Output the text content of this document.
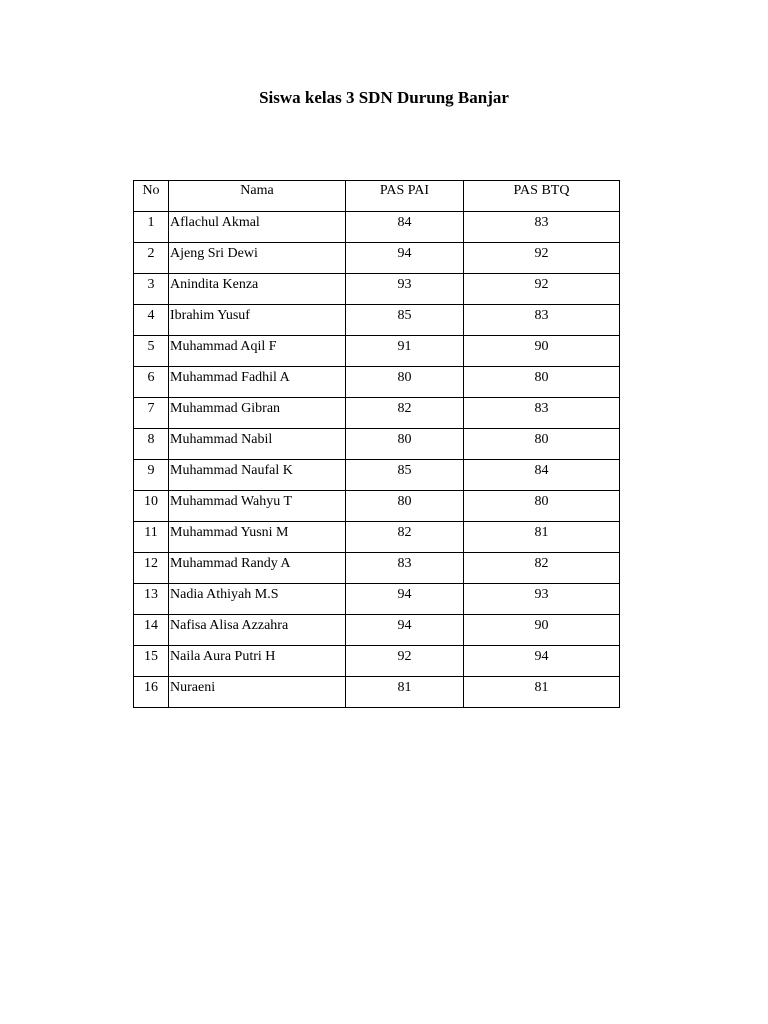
Siswa kelas 3 SDN Durung Banjar
No	Nama	PAS PAI	PAS BTQ
1	Aflachul Akmal	84	83
2	Ajeng Sri Dewi	94	92
3	Anindita Kenza	93	92
4	Ibrahim Yusuf	85	83
5	Muhammad Aqil F	91	90
6	Muhammad Fadhil A	80	80
7	Muhammad Gibran	82	83
8	Muhammad Nabil	80	80
9	Muhammad Naufal K	85	84
10	Muhammad Wahyu T	80	80
11	Muhammad Yusni M	82	81
12	Muhammad Randy A	83	82
13	Nadia Athiyah M.S	94	93
14	Nafisa Alisa Azzahra	94	90
15	Naila Aura Putri H	92	94
16	Nuraeni	81	81
